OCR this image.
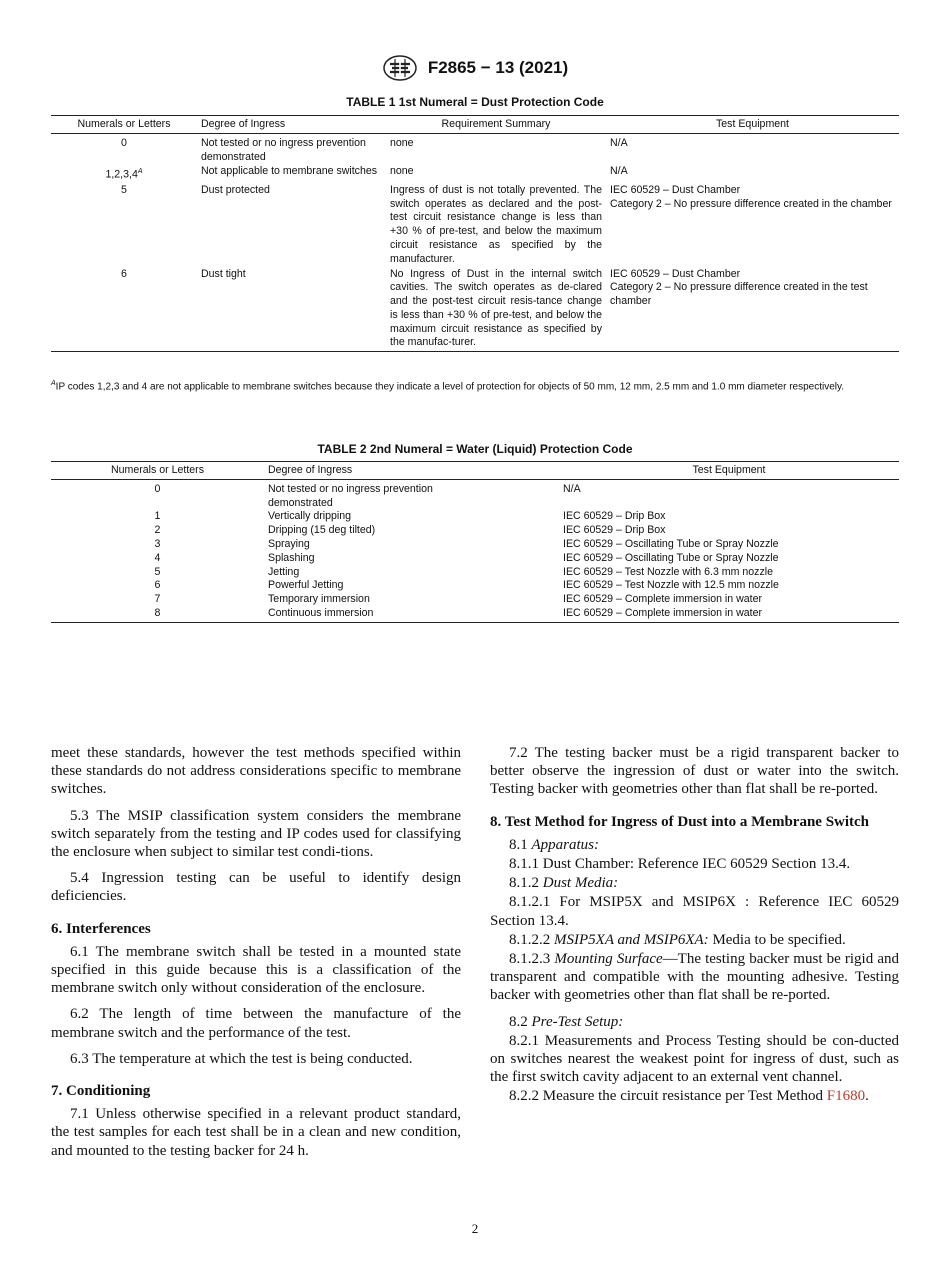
F2865 − 13 (2021)
TABLE 1 1st Numeral = Dust Protection Code
Numerals or Letters	Degree of Ingress	Requirement Summary	Test Equipment
0	Not tested or no ingress prevention demonstrated	none	N/A
$1,2,3,4^A$	Not applicable to membrane switches	none	N/A
5	Dust protected	Ingress of dust is not totally prevented. The switch operates as declared and the post-test circuit resistance change is less than +30 % of pre-test, and below the maximum circuit resistance as specified by the manufacturer.	IEC 60529 – Dust Chamber
Category 2 – No pressure difference created in the chamber

6	Dust tight	No Ingress of Dust in the internal switch cavities. The switch operates as de-clared and the post-test circuit resis-tance change is less than +30 % of pre-test, and below the maximum circuit resistance as specified by the manufac-turer.	IEC 60529 – Dust Chamber
Category 2 – No pressure difference created in the test chamber
$^A$IP codes 1,2,3 and 4 are not applicable to membrane switches because they indicate a level of protection for objects of 50 mm, 12 mm, 2.5 mm and 1.0 mm diameter respectively.
TABLE 2 2nd Numeral = Water (Liquid) Protection Code
Numerals or Letters	Degree of Ingress	Test Equipment
0	Not tested or no ingress prevention demonstrated	N/A
1	Vertically dripping	IEC 60529 – Drip Box
2	Dripping (15 deg tilted)	IEC 60529 – Drip Box
3	Spraying	IEC 60529 – Oscillating Tube or Spray Nozzle
4	Splashing	IEC 60529 – Oscillating Tube or Spray Nozzle
5	Jetting	IEC 60529 – Test Nozzle with 6.3 mm nozzle
6	Powerful Jetting	IEC 60529 – Test Nozzle with 12.5 mm nozzle
7	Temporary immersion	IEC 60529 – Complete immersion in water
8	Continuous immersion	IEC 60529 – Complete immersion in water

meet these standards, however the test methods specified within these standards do not address considerations specific to membrane switches.

5.3 The MSIP classification system considers the membrane switch separately from the testing and IP codes used for classifying the enclosure when subject to similar test condi-tions.

5.4 Ingression testing can be useful to identify design deficiencies.

6. Interferences

6.1 The membrane switch shall be tested in a mounted state specified in this guide because this is a classification of the membrane switch only without consideration of the enclosure.

6.2 The length of time between the manufacture of the membrane switch and the performance of the test.

6.3 The temperature at which the test is being conducted.

7. Conditioning

7.1 Unless otherwise specified in a relevant product standard, the test samples for each test shall be in a clean and new condition, and mounted to the testing backer for 24 h.

7.2 The testing backer must be a rigid transparent backer to better observe the ingression of dust or water into the switch. Testing backer with geometries other than flat shall be re-ported.

8. Test Method for Ingress of Dust into a Membrane Switch

8.1 Apparatus:

8.1.1 Dust Chamber: Reference IEC 60529 Section 13.4.

8.1.2 Dust Media:

8.1.2.1 For MSIP5X and MSIP6X : Reference IEC 60529 Section 13.4.

8.1.2.2 MSIP5XA and MSIP6XA: Media to be specified.

8.1.2.3 Mounting Surface—The testing backer must be rigid and transparent and compatible with the mounting adhesive. Testing backer with geometries other than flat shall be re-ported.

8.2 Pre-Test Setup:

8.2.1 Measurements and Process Testing should be con-ducted on switches nearest the weakest point for ingress of dust, such as the first switch cavity adjacent to an external vent channel.

8.2.2 Measure the circuit resistance per Test Method F1680.

2
